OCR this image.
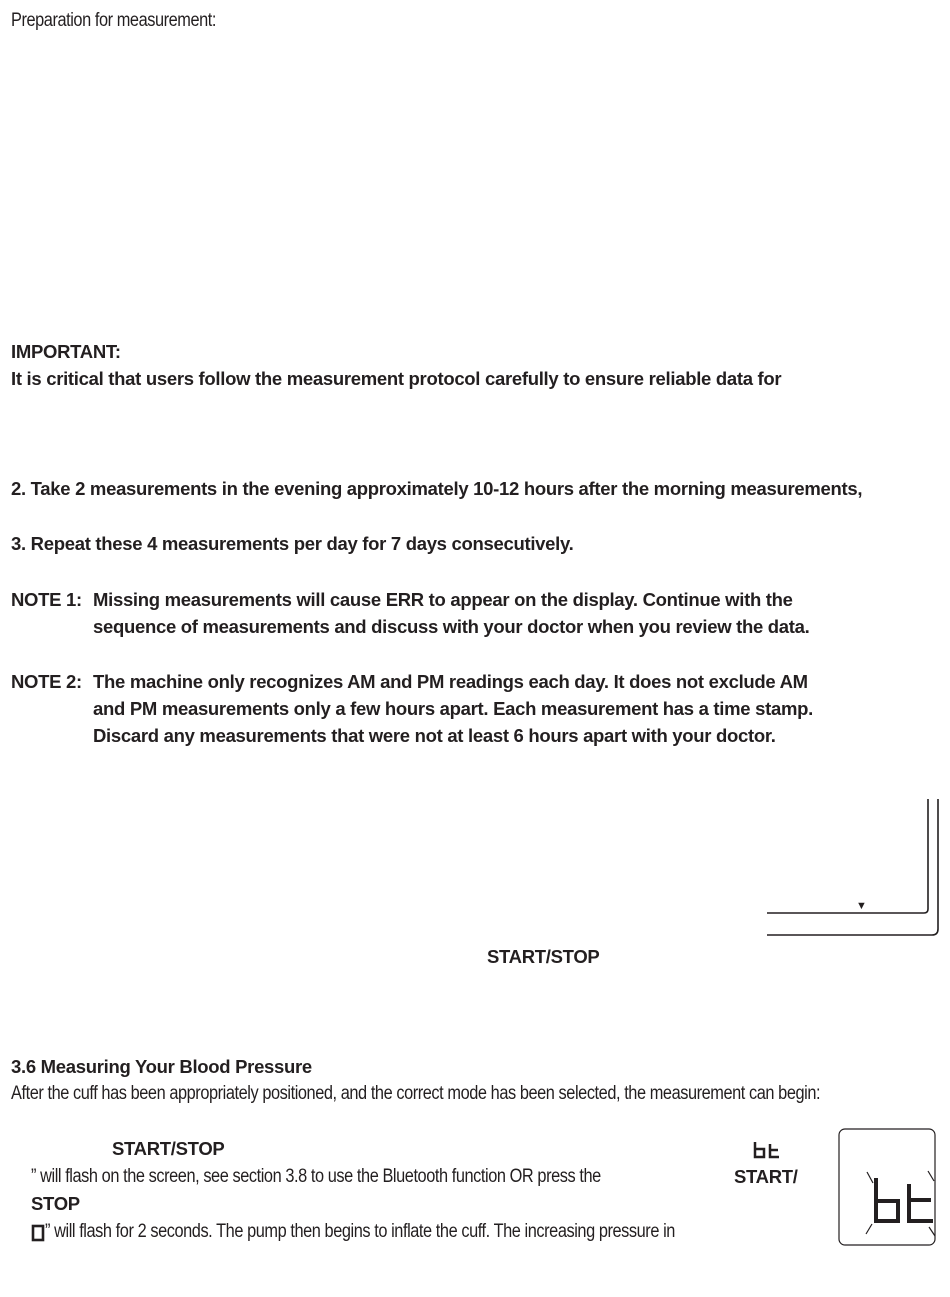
Preparation for measurement:
IMPORTANT:
It is critical that users follow the measurement protocol carefully to ensure reliable data for
2. Take 2 measurements in the evening approximately 10-12 hours after the morning measurements,
3. Repeat these 4 measurements per day for 7 days consecutively.
NOTE 1: Missing measurements will cause ERR to appear on the display. Continue with the
sequence of measurements and discuss with your doctor when you review the data.
NOTE 2: The machine only recognizes AM and PM readings each day. It does not exclude AM
and PM measurements only a few hours apart. Each measurement has a time stamp.
Discard any measurements that were not at least 6 hours apart with your doctor.
▼
START/STOP
3.6 Measuring Your Blood Pressure
After the cuff has been appropriately positioned, and the correct mode has been selected, the measurement can begin:
START/STOP
” will flash on the screen, see section 3.8 to use the Bluetooth function OR press the	START/
STOP
” will flash for 2 seconds. The pump then begins to inflate the cuff. The increasing pressure in
